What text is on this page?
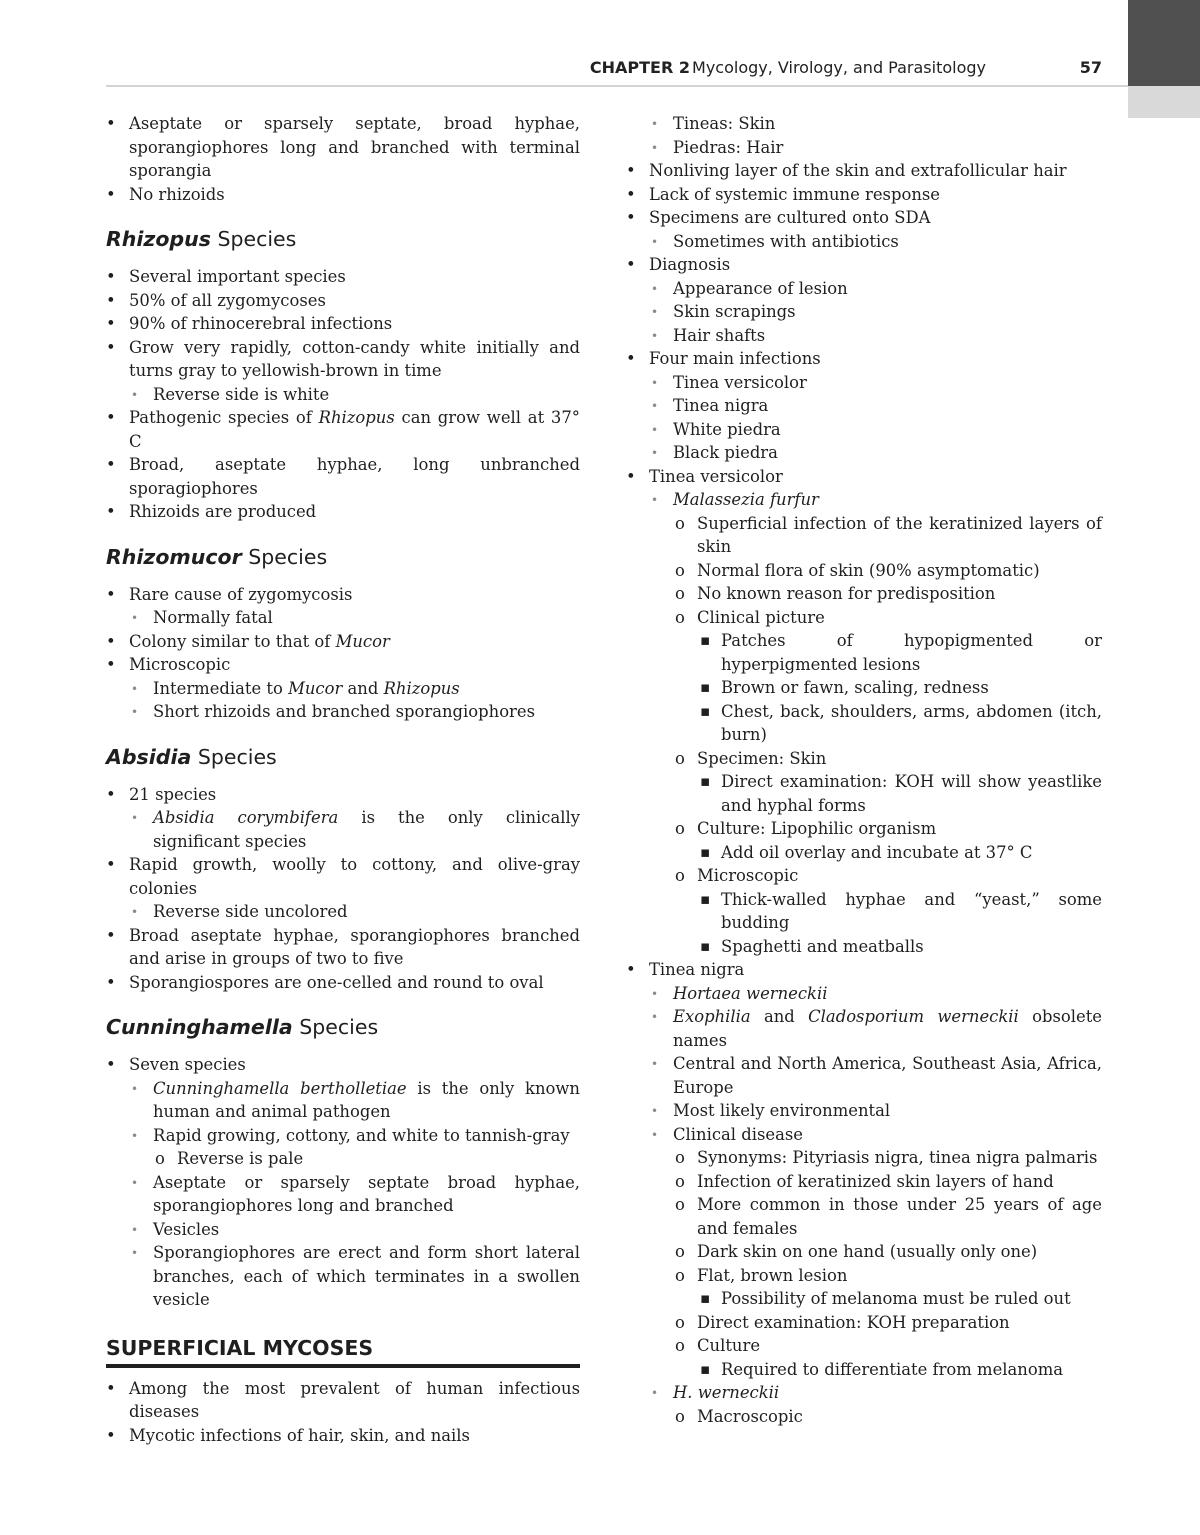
CHAPTER 2 Mycology, Virology, and Parasitology	57
• Aseptate or sparsely septate, broad hyphae, sporangiophores long and branched with terminal sporangia
• No rhizoids
Rhizopus Species
• Several important species
• 50% of all zygomycoses
• 90% of rhinocerebral infections
• Grow very rapidly, cotton-candy white initially and turns gray to yellowish-brown in time
• Reverse side is white
• Pathogenic species of Rhizopus can grow well at 37° C
• Broad, aseptate hyphae, long unbranched sporagiophores
• Rhizoids are produced
Rhizomucor Species
• Rare cause of zygomycosis
• Normally fatal
• Colony similar to that of Mucor
• Microscopic
• Intermediate to Mucor and Rhizopus
• Short rhizoids and branched sporangiophores
Absidia Species
• 21 species
• Absidia corymbifera is the only clinically significant species
• Rapid growth, woolly to cottony, and olive-gray colonies
• Reverse side uncolored
• Broad aseptate hyphae, sporangiophores branched and arise in groups of two to five
• Sporangiospores are one-celled and round to oval
Cunninghamella Species
• Seven species
• Cunninghamella bertholletiae is the only known human and animal pathogen
• Rapid growing, cottony, and white to tannish-gray
o Reverse is pale
• Aseptate or sparsely septate broad hyphae, sporangiophores long and branched
• Vesicles
• Sporangiophores are erect and form short lateral branches, each of which terminates in a swollen vesicle
SUPERFICIAL MYCOSES
• Among the most prevalent of human infectious diseases
• Mycotic infections of hair, skin, and nails
• Tineas: Skin
• Piedras: Hair
• Nonliving layer of the skin and extrafollicular hair
• Lack of systemic immune response
• Specimens are cultured onto SDA
• Sometimes with antibiotics
• Diagnosis
• Appearance of lesion
• Skin scrapings
• Hair shafts
• Four main infections
• Tinea versicolor
• Tinea nigra
• White piedra
• Black piedra
• Tinea versicolor
• Malassezia furfur
o Superficial infection of the keratinized layers of skin
o Normal flora of skin (90% asymptomatic)
o No known reason for predisposition
o Clinical picture
▪ Patches of hypopigmented or hyperpigmented lesions
▪ Brown or fawn, scaling, redness
▪ Chest, back, shoulders, arms, abdomen (itch, burn)
o Specimen: Skin
▪ Direct examination: KOH will show yeastlike and hyphal forms
o Culture: Lipophilic organism
▪ Add oil overlay and incubate at 37° C
o Microscopic
▪ Thick-walled hyphae and “yeast,” some budding
▪ Spaghetti and meatballs
• Tinea nigra
• Hortaea werneckii
• Exophilia and Cladosporium werneckii obsolete names
• Central and North America, Southeast Asia, Africa, Europe
• Most likely environmental
• Clinical disease
o Synonyms: Pityriasis nigra, tinea nigra palmaris
o Infection of keratinized skin layers of hand
o More common in those under 25 years of age and females
o Dark skin on one hand (usually only one)
o Flat, brown lesion
▪ Possibility of melanoma must be ruled out
o Direct examination: KOH preparation
o Culture
▪ Required to differentiate from melanoma
• H. werneckii
o Macroscopic
